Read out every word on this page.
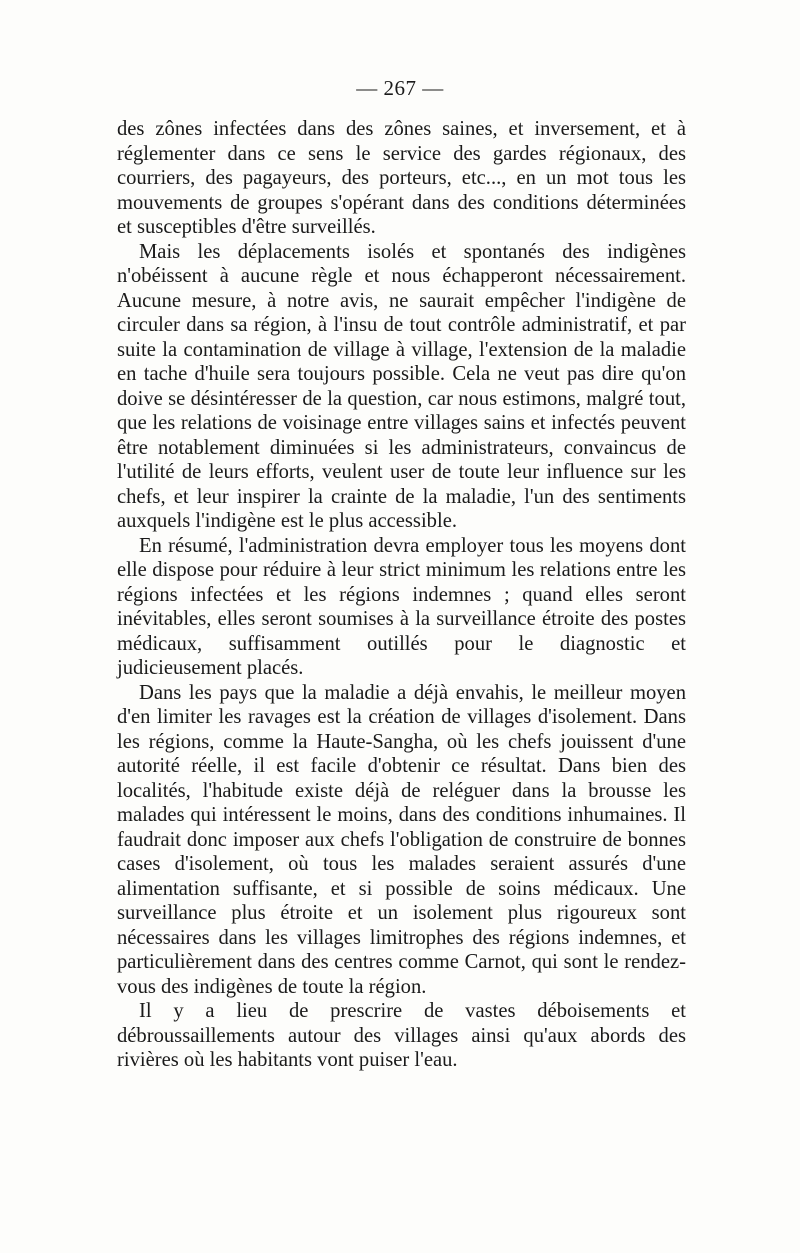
— 267 —

des zônes infectées dans des zônes saines, et inversement, et à réglementer dans ce sens le service des gardes régionaux, des courriers, des pagayeurs, des porteurs, etc..., en un mot tous les mouvements de groupes s'opérant dans des conditions déterminées et susceptibles d'être surveillés.

Mais les déplacements isolés et spontanés des indigènes n'obéissent à aucune règle et nous échapperont nécessairement. Aucune mesure, à notre avis, ne saurait empêcher l'indigène de circuler dans sa région, à l'insu de tout contrôle administratif, et par suite la contamination de village à village, l'extension de la maladie en tache d'huile sera toujours possible. Cela ne veut pas dire qu'on doive se désintéresser de la question, car nous estimons, malgré tout, que les relations de voisinage entre villages sains et infectés peuvent être notablement diminuées si les administrateurs, convaincus de l'utilité de leurs efforts, veulent user de toute leur influence sur les chefs, et leur inspirer la crainte de la maladie, l'un des sentiments auxquels l'indigène est le plus accessible.

En résumé, l'administration devra employer tous les moyens dont elle dispose pour réduire à leur strict minimum les relations entre les régions infectées et les régions indemnes ; quand elles seront inévitables, elles seront soumises à la surveillance étroite des postes médicaux, suffisamment outillés pour le diagnostic et judicieusement placés.

Dans les pays que la maladie a déjà envahis, le meilleur moyen d'en limiter les ravages est la création de villages d'isolement. Dans les régions, comme la Haute-Sangha, où les chefs jouissent d'une autorité réelle, il est facile d'obtenir ce résultat. Dans bien des localités, l'habitude existe déjà de reléguer dans la brousse les malades qui intéressent le moins, dans des conditions inhumaines. Il faudrait donc imposer aux chefs l'obligation de construire de bonnes cases d'isolement, où tous les malades seraient assurés d'une alimentation suffisante, et si possible de soins médicaux. Une surveillance plus étroite et un isolement plus rigoureux sont nécessaires dans les villages limitrophes des régions indemnes, et particulièrement dans des centres comme Carnot, qui sont le rendez-vous des indigènes de toute la région.

Il y a lieu de prescrire de vastes déboisements et débroussaillements autour des villages ainsi qu'aux abords des rivières où les habitants vont puiser l'eau.
